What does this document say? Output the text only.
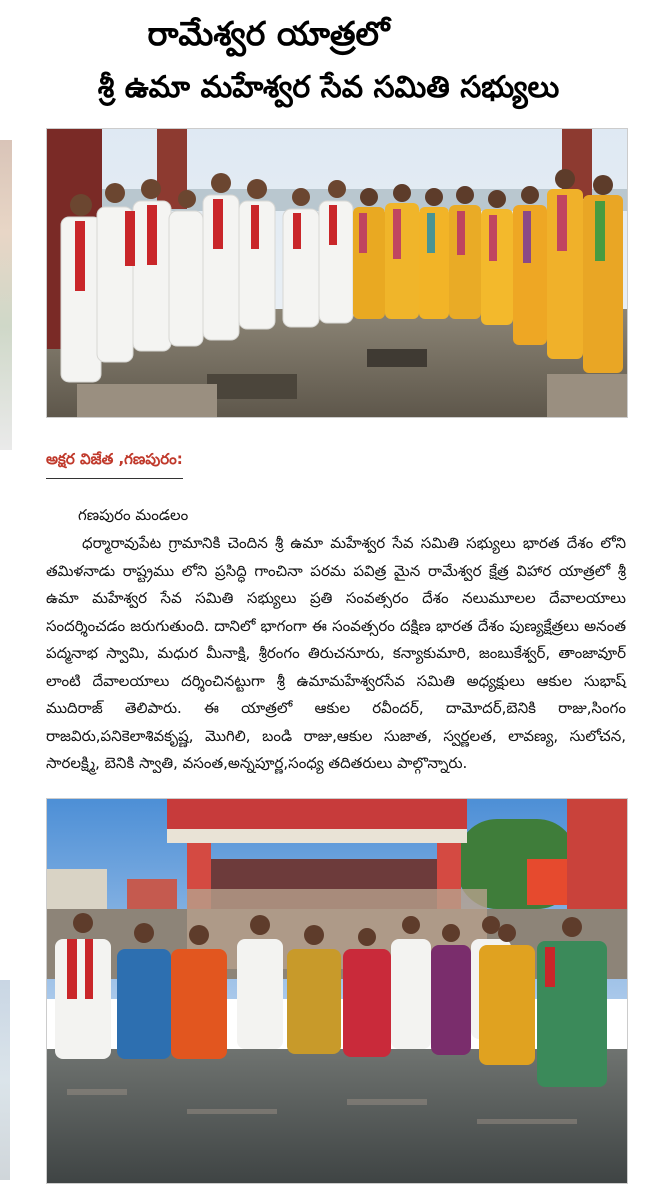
రామేశ్వర యాత్రలో
శ్రీ ఉమా మహేశ్వర సేవ సమితి సభ్యులు
అక్షర విజేత ,గణపురం:
గణపురం మండలం

ధర్మారావుపేట గ్రామానికి చెందిన శ్రీ ఉమా మహేశ్వర సేవ సమితి సభ్యులు భారత దేశం లోని తమిళనాడు రాష్ట్రము లోని ప్రసిద్ధి గాంచినా పరమ పవిత్ర మైన రామేశ్వర క్షేత్ర విహార యాత్రలో శ్రీ ఉమా మహేశ్వర సేవ సమితి సభ్యులు ప్రతి సంవత్సరం దేశం నలుమూలల దేవాలయాలు సందర్శించడం జరుగుతుంది. దానిలో భాగంగా ఈ సంవత్సరం దక్షిణ భారత దేశం పుణ్యక్షేత్రలు అనంత పద్మనాభ స్వామి, మధుర మీనాక్షి, శ్రీరంగం తిరుచనూరు, కన్యాకుమారి, జంబుకేశ్వర్, తాంజావూర్ లాంటి దేవాలయాలు దర్శించినట్టుగా శ్రీ ఉమామహేశ్వరసేవ సమితి అధ్యక్షులు ఆకుల సుభాష్ ముదిరాజ్ తెలిపారు. ఈ యాత్రలో ఆకుల రవీందర్, దామోదర్,బెనికి రాజు,సింగం రాజవిరు,పనికెలాశివకృష్ణ, మొగిలి, బండి రాజు,ఆకుల సుజాత, స్వర్ణలత, లావణ్య, సులోచన, సారలక్ష్మి, బెనికి స్వాతి, వసంత,అన్నపూర్ణ,సంధ్య తదితరులు పాల్గొన్నారు.
